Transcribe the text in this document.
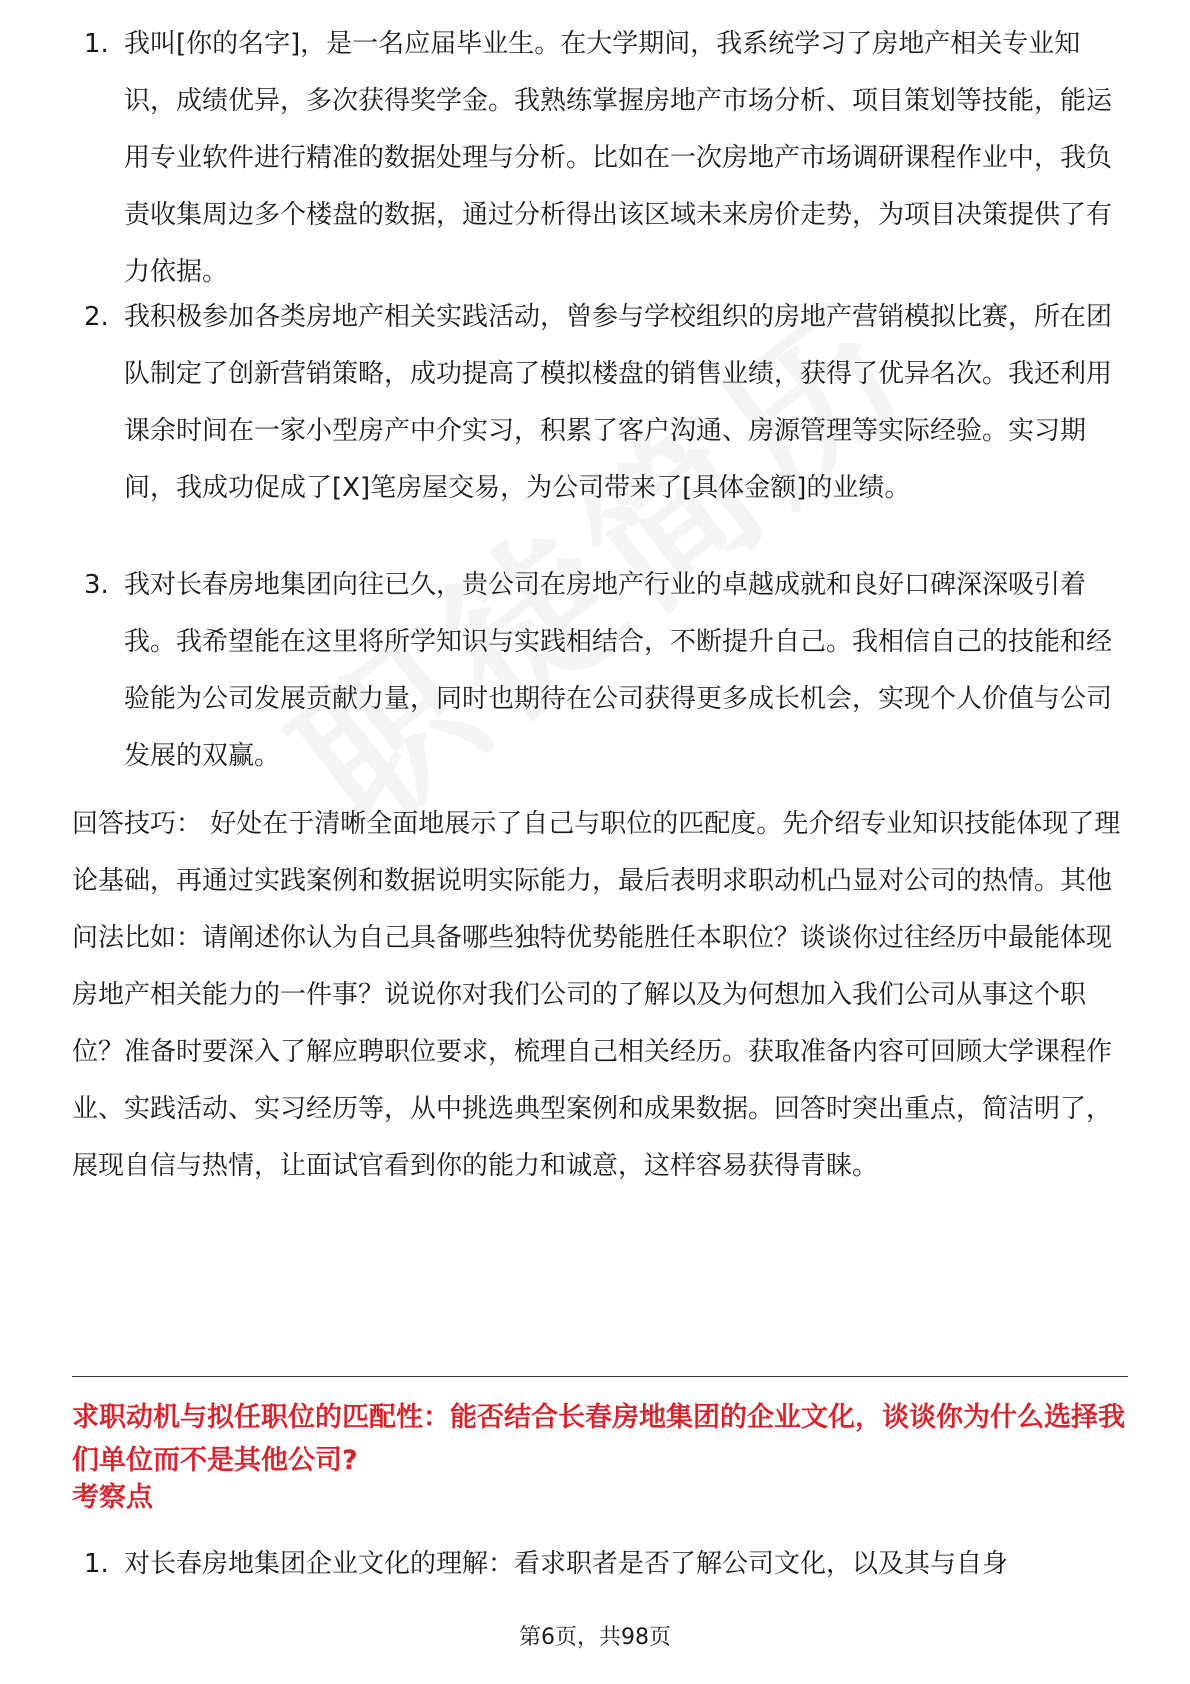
1. 我叫[你的名字]，是一名应届毕业生。在大学期间，我系统学习了房地产相关专业知识，成绩优异，多次获得奖学金。我熟练掌握房地产市场分析、项目策划等技能，能运用专业软件进行精准的数据处理与分析。比如在一次房地产市场调研课程作业中，我负责收集周边多个楼盘的数据，通过分析得出该区域未来房价走势，为项目决策提供了有力依据。
2. 我积极参加各类房地产相关实践活动，曾参与学校组织的房地产营销模拟比赛，所在团队制定了创新营销策略，成功提高了模拟楼盘的销售业绩，获得了优异名次。我还利用课余时间在一家小型房产中介实习，积累了客户沟通、房源管理等实际经验。实习期间，我成功促成了[X]笔房屋交易，为公司带来了[具体金额]的业绩。
3. 我对长春房地集团向往已久，贵公司在房地产行业的卓越成就和良好口碑深深吸引着我。我希望能在这里将所学知识与实践相结合，不断提升自己。我相信自己的技能和经验能为公司发展贡献力量，同时也期待在公司获得更多成长机会，实现个人价值与公司发展的双赢。

回答技巧： 好处在于清晰全面地展示了自己与职位的匹配度。先介绍专业知识技能体现了理论基础，再通过实践案例和数据说明实际能力，最后表明求职动机凸显对公司的热情。其他问法比如：请阐述你认为自己具备哪些独特优势能胜任本职位？谈谈你过往经历中最能体现房地产相关能力的一件事？说说你对我们公司的了解以及为何想加入我们公司从事这个职位？准备时要深入了解应聘职位要求，梳理自己相关经历。获取准备内容可回顾大学课程作业、实践活动、实习经历等，从中挑选典型案例和成果数据。回答时突出重点，简洁明了，展现自信与热情，让面试官看到你的能力和诚意，这样容易获得青睐。

求职动机与拟任职位的匹配性：能否结合长春房地集团的企业文化，谈谈你为什么选择我们单位而不是其他公司?
考察点
1. 对长春房地集团企业文化的理解：看求职者是否了解公司文化，以及其与自身
第6页，共98页
